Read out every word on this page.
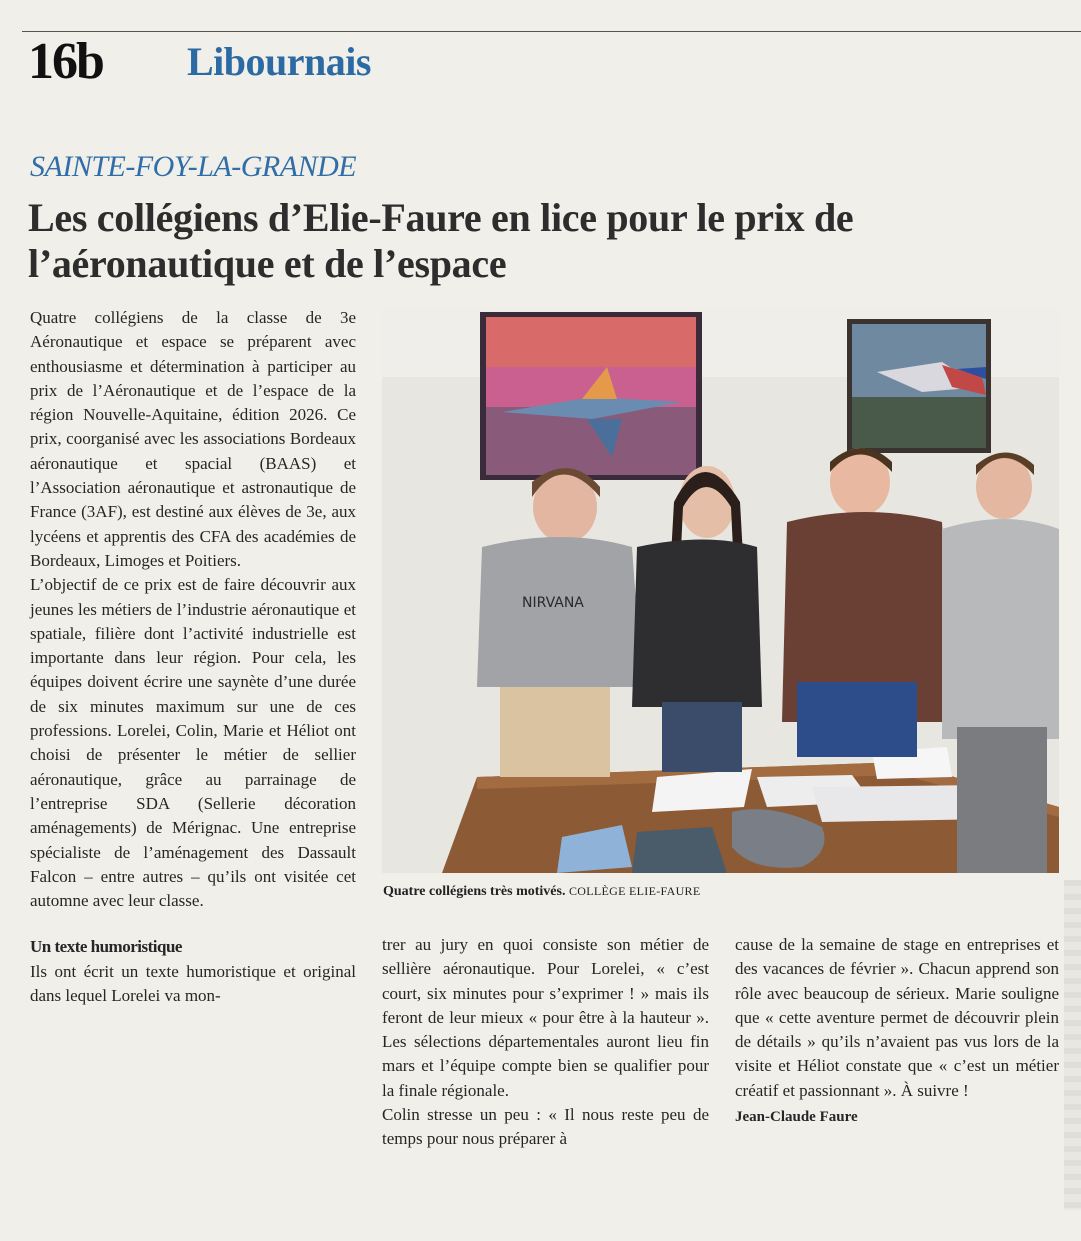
16b Libournais
SAINTE-FOY-LA-GRANDE
Les collégiens d’Elie-Faure en lice pour le prix de l’aéronautique et de l’espace

Quatre collégiens de la classe de 3e Aéronautique et espace se préparent avec enthousiasme et détermination à participer au prix de l’Aéronautique et de l’espace de la région Nouvelle-Aquitaine, édition 2026. Ce prix, coorganisé avec les associations Bordeaux aéronautique et spacial (BAAS) et l’Association aéronautique et astronautique de France (3AF), est destiné aux élèves de 3e, aux lycéens et apprentis des CFA des académies de Bordeaux, Limoges et Poitiers.

L’objectif de ce prix est de faire découvrir aux jeunes les métiers de l’industrie aéronautique et spatiale, filière dont l’activité industrielle est importante dans leur région. Pour cela, les équipes doivent écrire une saynète d’une durée de six minutes maximum sur une de ces professions. Lorelei, Colin, Marie et Héliot ont choisi de présenter le métier de sellier aéronautique, grâce au parrainage de l’entreprise SDA (Sellerie décoration aménagements) de Mérignac. Une entreprise spécialiste de l’aménagement des Dassault Falcon – entre autres – qu’ils ont visitée cet automne avec leur classe.

Un texte humoristique

Ils ont écrit un texte humoristique et original dans lequel Lorelei va mon-

NIRVANA
Quatre collégiens très motivés. COLLÈGE ELIE-FAURE

trer au jury en quoi consiste son métier de sellière aéronautique. Pour Lorelei, « c’est court, six minutes pour s’exprimer ! » mais ils feront de leur mieux « pour être à la hauteur ». Les sélections départementales auront lieu fin mars et l’équipe compte bien se qualifier pour la finale régionale.

Colin stresse un peu : « Il nous reste peu de temps pour nous préparer à

cause de la semaine de stage en entreprises et des vacances de février ». Chacun apprend son rôle avec beaucoup de sérieux. Marie souligne que « cette aventure permet de découvrir plein de détails » qu’ils n’avaient pas vus lors de la visite et Héliot constate que « c’est un métier créatif et passionnant ». À suivre !

Jean-Claude Faure
